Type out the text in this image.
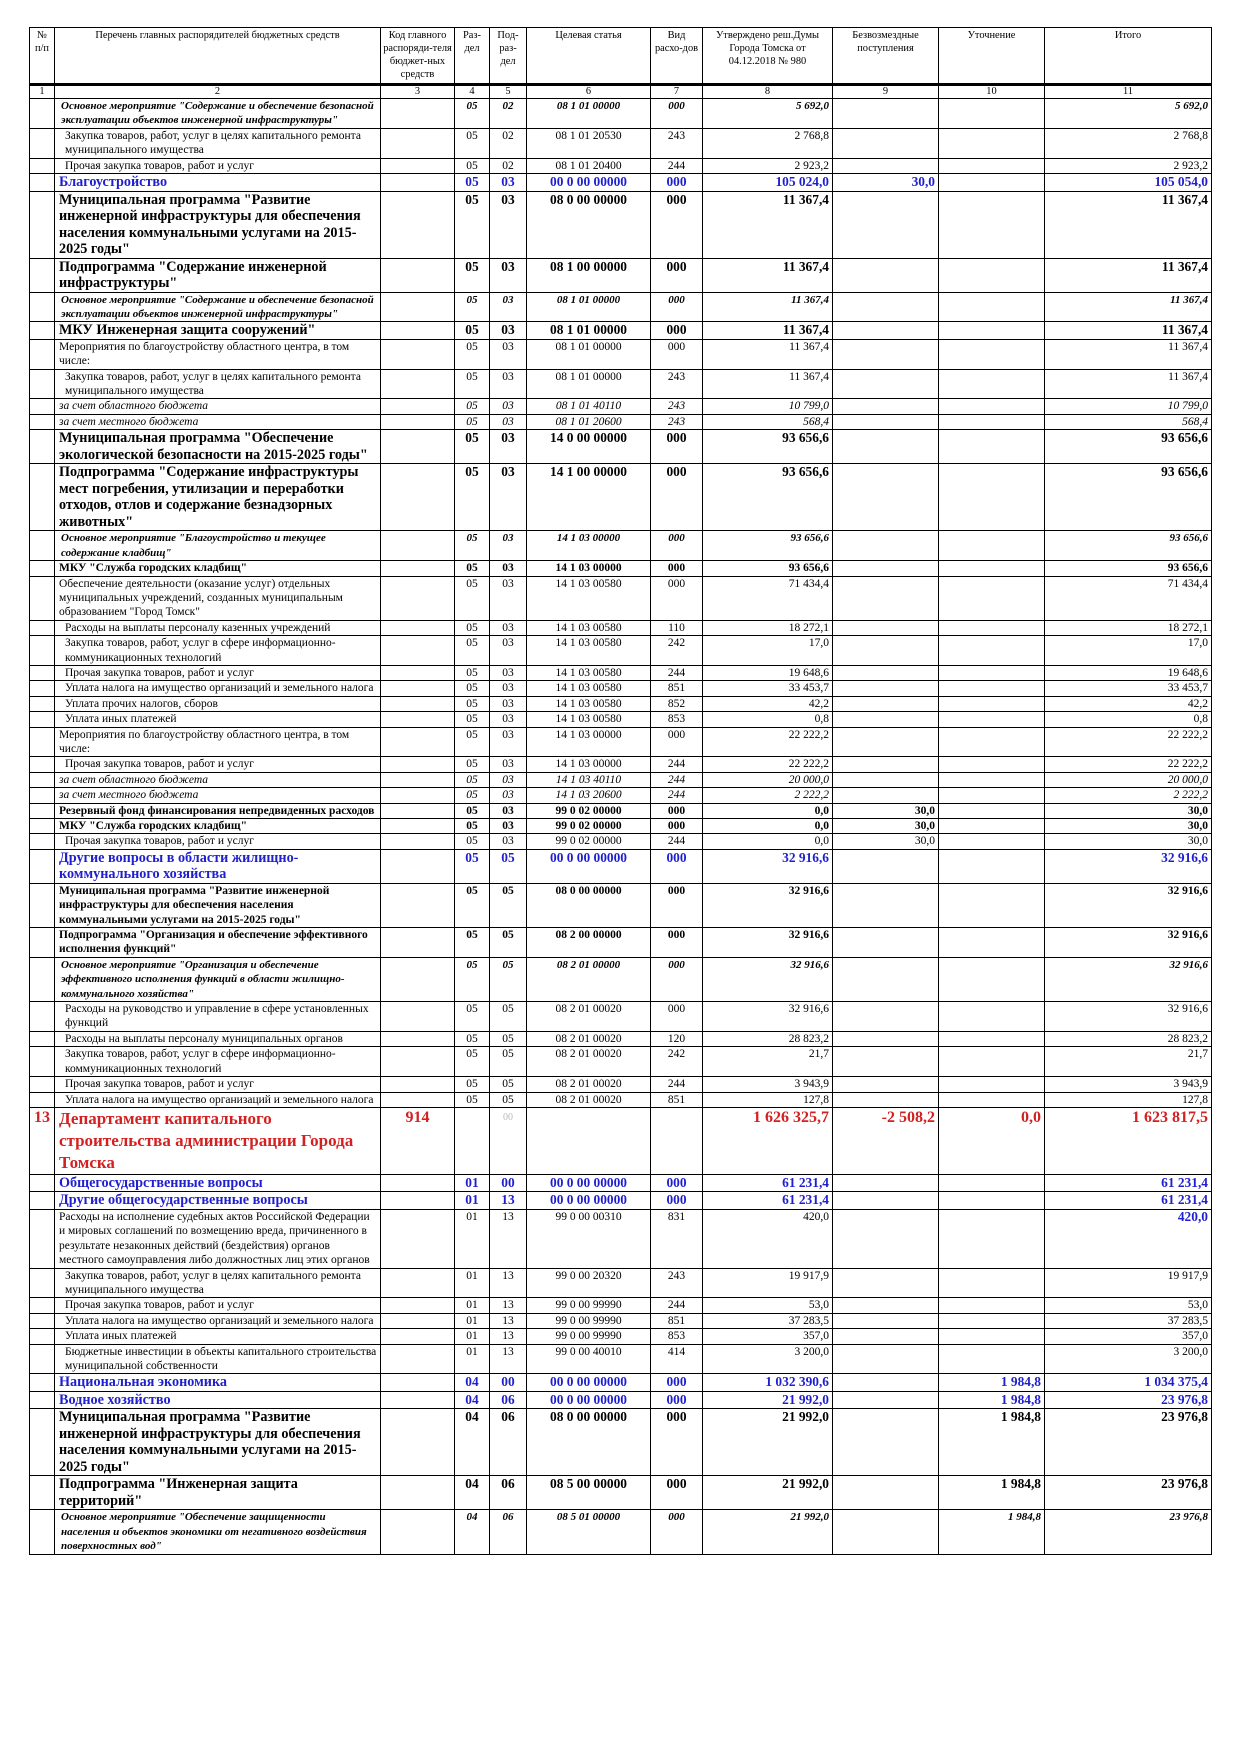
№ п/п	Перечень главных распорядителей бюджетных средств	Код главного распоряди-теля бюджет-ных средств	Раз-дел	Под-раз-дел	Целевая статья	Вид расхо-дов	Утверждено реш.Думы Города Томска от 04.12.2018 № 980	Безвозмездные поступления	Уточнение	Итого
1	2	3	4	5	6	7	8	9	10	11
	Основное мероприятие "Содержание и обеспечение безопасной эксплуатации объектов инженерной инфраструктуры"		05	02	08 1 01 00000	000	5 692,0			5 692,0
	Закупка товаров, работ, услуг в целях капитального ремонта муниципального имущества		05	02	08 1 01 20530	243	2 768,8			2 768,8
	Прочая закупка товаров, работ и услуг		05	02	08 1 01 20400	244	2 923,2			2 923,2
	Благоустройство		05	03	00 0 00 00000	000	105 024,0	30,0		105 054,0
	Муниципальная программа "Развитие инженерной инфраструктуры для обеспечения населения коммунальными услугами на 2015-2025 годы"		05	03	08 0 00 00000	000	11 367,4			11 367,4
	Подпрограмма "Содержание инженерной инфраструктуры"		05	03	08 1 00 00000	000	11 367,4			11 367,4
	Основное мероприятие "Содержание и обеспечение безопасной эксплуатации объектов инженерной инфраструктуры"		05	03	08 1 01 00000	000	11 367,4			11 367,4
	МКУ Инженерная защита сооружений"		05	03	08 1 01 00000	000	11 367,4			11 367,4
	Мероприятия по благоустройству областного центра, в том числе:		05	03	08 1 01 00000	000	11 367,4			11 367,4
	Закупка товаров, работ, услуг в целях капитального ремонта муниципального имущества		05	03	08 1 01 00000	243	11 367,4			11 367,4
	за счет областного бюджета		05	03	08 1 01 40110	243	10 799,0			10 799,0
	за счет местного бюджета		05	03	08 1 01 20600	243	568,4			568,4
	Муниципальная программа "Обеспечение экологической безопасности на 2015-2025 годы"		05	03	14 0 00 00000	000	93 656,6			93 656,6
	Подпрограмма "Содержание инфраструктуры мест погребения, утилизации и переработки отходов, отлов и содержание безнадзорных животных"		05	03	14 1 00 00000	000	93 656,6			93 656,6
	Основное мероприятие "Благоустройство и текущее содержание кладбищ"		05	03	14 1 03 00000	000	93 656,6			93 656,6
	МКУ "Служба городских кладбищ"		05	03	14 1 03 00000	000	93 656,6			93 656,6
	Обеспечение деятельности (оказание услуг) отдельных муниципальных учреждений, созданных муниципальным образованием "Город Томск"		05	03	14 1 03 00580	000	71 434,4			71 434,4
	Расходы на выплаты персоналу казенных учреждений		05	03	14 1 03 00580	110	18 272,1			18 272,1
	Закупка товаров, работ, услуг в сфере информационно-коммуникационных технологий		05	03	14 1 03 00580	242	17,0			17,0
	Прочая закупка товаров, работ и услуг		05	03	14 1 03 00580	244	19 648,6			19 648,6
	Уплата налога на имущество организаций и земельного налога		05	03	14 1 03 00580	851	33 453,7			33 453,7
	Уплата прочих налогов, сборов		05	03	14 1 03 00580	852	42,2			42,2
	Уплата иных платежей		05	03	14 1 03 00580	853	0,8			0,8
	Мероприятия по благоустройству областного центра, в том числе:		05	03	14 1 03 00000	000	22 222,2			22 222,2
	Прочая закупка товаров, работ и услуг		05	03	14 1 03 00000	244	22 222,2			22 222,2
	за счет областного бюджета		05	03	14 1 03 40110	244	20 000,0			20 000,0
	за счет местного бюджета		05	03	14 1 03 20600	244	2 222,2			2 222,2
	Резервный фонд финансирования непредвиденных расходов		05	03	99 0 02 00000	000	0,0	30,0		30,0
	МКУ "Служба городских кладбищ"		05	03	99 0 02 00000	000	0,0	30,0		30,0
	Прочая закупка товаров, работ и услуг		05	03	99 0 02 00000	244	0,0	30,0		30,0
	Другие вопросы в области жилищно-коммунального хозяйства		05	05	00 0 00 00000	000	32 916,6			32 916,6
	Муниципальная программа "Развитие инженерной инфраструктуры для обеспечения населения коммунальными услугами на 2015-2025 годы"		05	05	08 0 00 00000	000	32 916,6			32 916,6
	Подпрограмма "Организация и обеспечение эффективного исполнения функций"		05	05	08 2 00 00000	000	32 916,6			32 916,6
	Основное мероприятие "Организация и обеспечение эффективного исполнения функций в области жилищно-коммунального хозяйства"		05	05	08 2 01 00000	000	32 916,6			32 916,6
	Расходы на руководство и управление в сфере установленных функций		05	05	08 2 01 00020	000	32 916,6			32 916,6
	Расходы на выплаты персоналу муниципальных органов		05	05	08 2 01 00020	120	28 823,2			28 823,2
	Закупка товаров, работ, услуг в сфере информационно-коммуникационных технологий		05	05	08 2 01 00020	242	21,7			21,7
	Прочая закупка товаров, работ и услуг		05	05	08 2 01 00020	244	3 943,9			3 943,9
	Уплата налога на имущество организаций и земельного налога		05	05	08 2 01 00020	851	127,8			127,8
13	Департамент капитального строительства администрации Города Томска	914		00			1 626 325,7	-2 508,2	0,0	1 623 817,5
	Общегосударственные вопросы		01	00	00 0 00 00000	000	61 231,4			61 231,4
	Другие общегосударственные вопросы		01	13	00 0 00 00000	000	61 231,4			61 231,4
	Расходы на исполнение судебных актов Российской Федерации и мировых соглашений по возмещению вреда, причиненного в результате незаконных действий (бездействия) органов местного самоуправления либо должностных лиц этих органов		01	13	99 0 00 00310	831	420,0			420,0
	Закупка товаров, работ, услуг в целях капитального ремонта муниципального имущества		01	13	99 0 00 20320	243	19 917,9			19 917,9
	Прочая закупка товаров, работ и услуг		01	13	99 0 00 99990	244	53,0			53,0
	Уплата налога на имущество организаций и земельного налога		01	13	99 0 00 99990	851	37 283,5			37 283,5
	Уплата иных платежей		01	13	99 0 00 99990	853	357,0			357,0
	Бюджетные инвестиции в объекты капитального строительства муниципальной собственности		01	13	99 0 00 40010	414	3 200,0			3 200,0
	Национальная экономика		04	00	00 0 00 00000	000	1 032 390,6		1 984,8	1 034 375,4
	Водное хозяйство		04	06	00 0 00 00000	000	21 992,0		1 984,8	23 976,8
	Муниципальная программа "Развитие инженерной инфраструктуры для обеспечения населения коммунальными услугами на 2015-2025 годы"		04	06	08 0 00 00000	000	21 992,0		1 984,8	23 976,8
	Подпрограмма "Инженерная защита территорий"		04	06	08 5 00 00000	000	21 992,0		1 984,8	23 976,8
	Основное мероприятие "Обеспечение защищенности населения и объектов экономики от негативного воздействия поверхностных вод"		04	06	08 5 01 00000	000	21 992,0		1 984,8	23 976,8
